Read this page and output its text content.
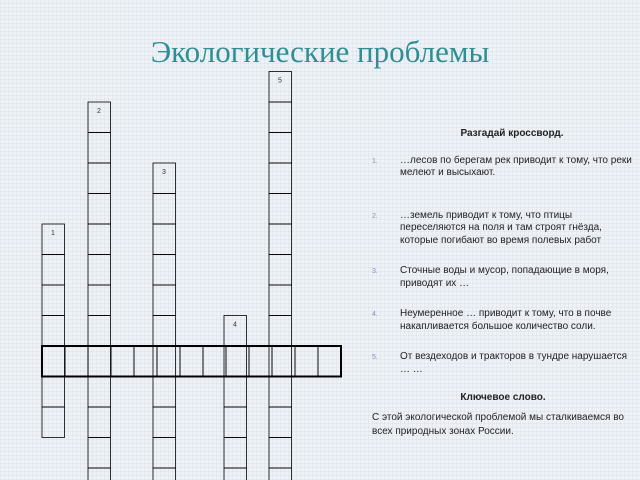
Экологические проблемы
1
2
3
4
5
Разгадай кроссворд.
1. …лесов по берегам рек приводит к тому, что реки мелеют и высыхают.
2. …земель приводит к тому, что птицы переселяются на поля и там строят гнёзда, которые погибают во время полевых работ
3. Сточные воды и мусор, попадающие в моря, приводят их …
4. Неумеренное … приводит к тому, что в почве накапливается большое количество соли.
5. От вездеходов и тракторов в тундре нарушается … …
Ключевое слово.
С этой экологической проблемой мы сталкиваемся во всех природных зонах России.
